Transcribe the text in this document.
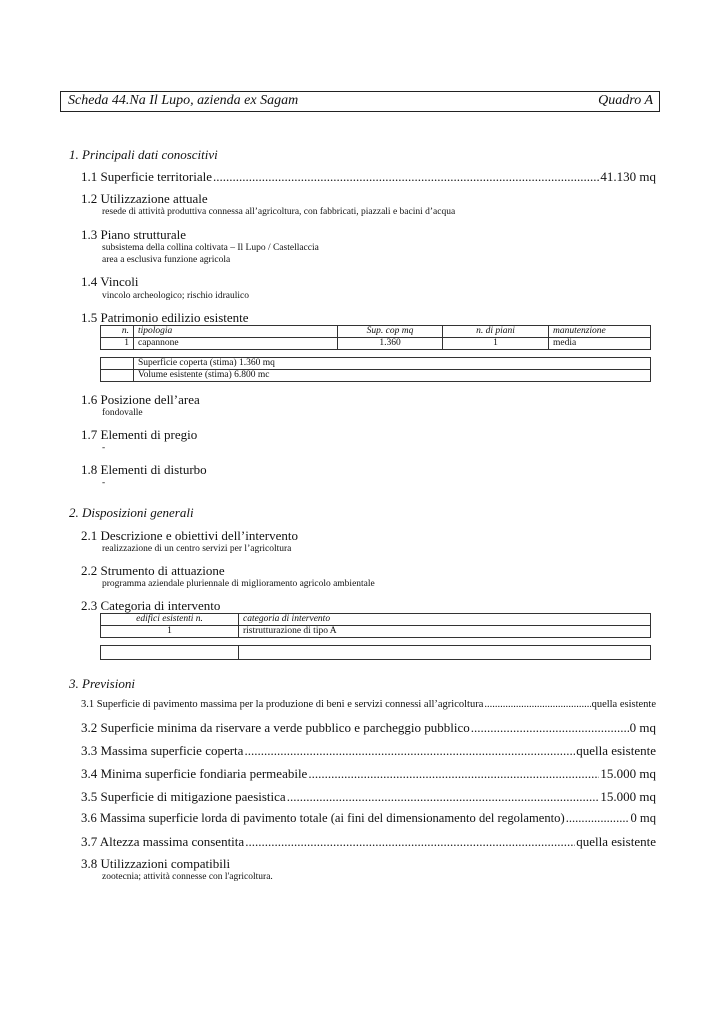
Scheda 44.Na Il Lupo, azienda ex Sagam	Quadro A
1. Principali dati conoscitivi
1.1 Superficie territoriale .....	41.130 mq
1.2 Utilizzazione attuale
resede di attività produttiva connessa all’agricoltura, con fabbricati, piazzali e bacini d’acqua
1.3 Piano strutturale
subsistema della collina coltivata – Il Lupo / Castellaccia
area a esclusiva funzione agricola
1.4 Vincoli
vincolo archeologico; rischio idraulico
1.5 Patrimonio edilizio esistente
n.	tipologia	Sup. cop mq	n. di piani	manutenzione
1	capannone	1.360	1	media
	Superficie coperta (stima) 1.360 mq
	Volume esistente (stima) 6.800 mc
1.6 Posizione dell’area
fondovalle
1.7 Elementi di pregio
-
1.8 Elementi di disturbo
-
2. Disposizioni generali
2.1 Descrizione e obiettivi dell’intervento
realizzazione di un centro servizi per l’agricoltura
2.2 Strumento di attuazione
programma aziendale pluriennale di miglioramento agricolo ambientale
2.3 Categoria di intervento
edifici esistenti n.	categoria di intervento
1	ristrutturazione di tipo A

3. Previsioni
3.1 Superficie di pavimento massima per la produzione di beni e servizi connessi all’agricoltura .....	quella esistente
3.2 Superficie minima da riservare a verde pubblico e parcheggio pubblico .....	0 mq
3.3 Massima superficie coperta .....	quella esistente
3.4 Minima superficie fondiaria permeabile .....	15.000 mq
3.5 Superficie di mitigazione paesistica .....	15.000 mq
3.6 Massima superficie lorda di pavimento totale (ai fini del dimensionamento del regolamento) .....	0 mq
3.7 Altezza massima consentita .....	quella esistente
3.8 Utilizzazioni compatibili
zootecnia; attività connesse con l'agricoltura.
